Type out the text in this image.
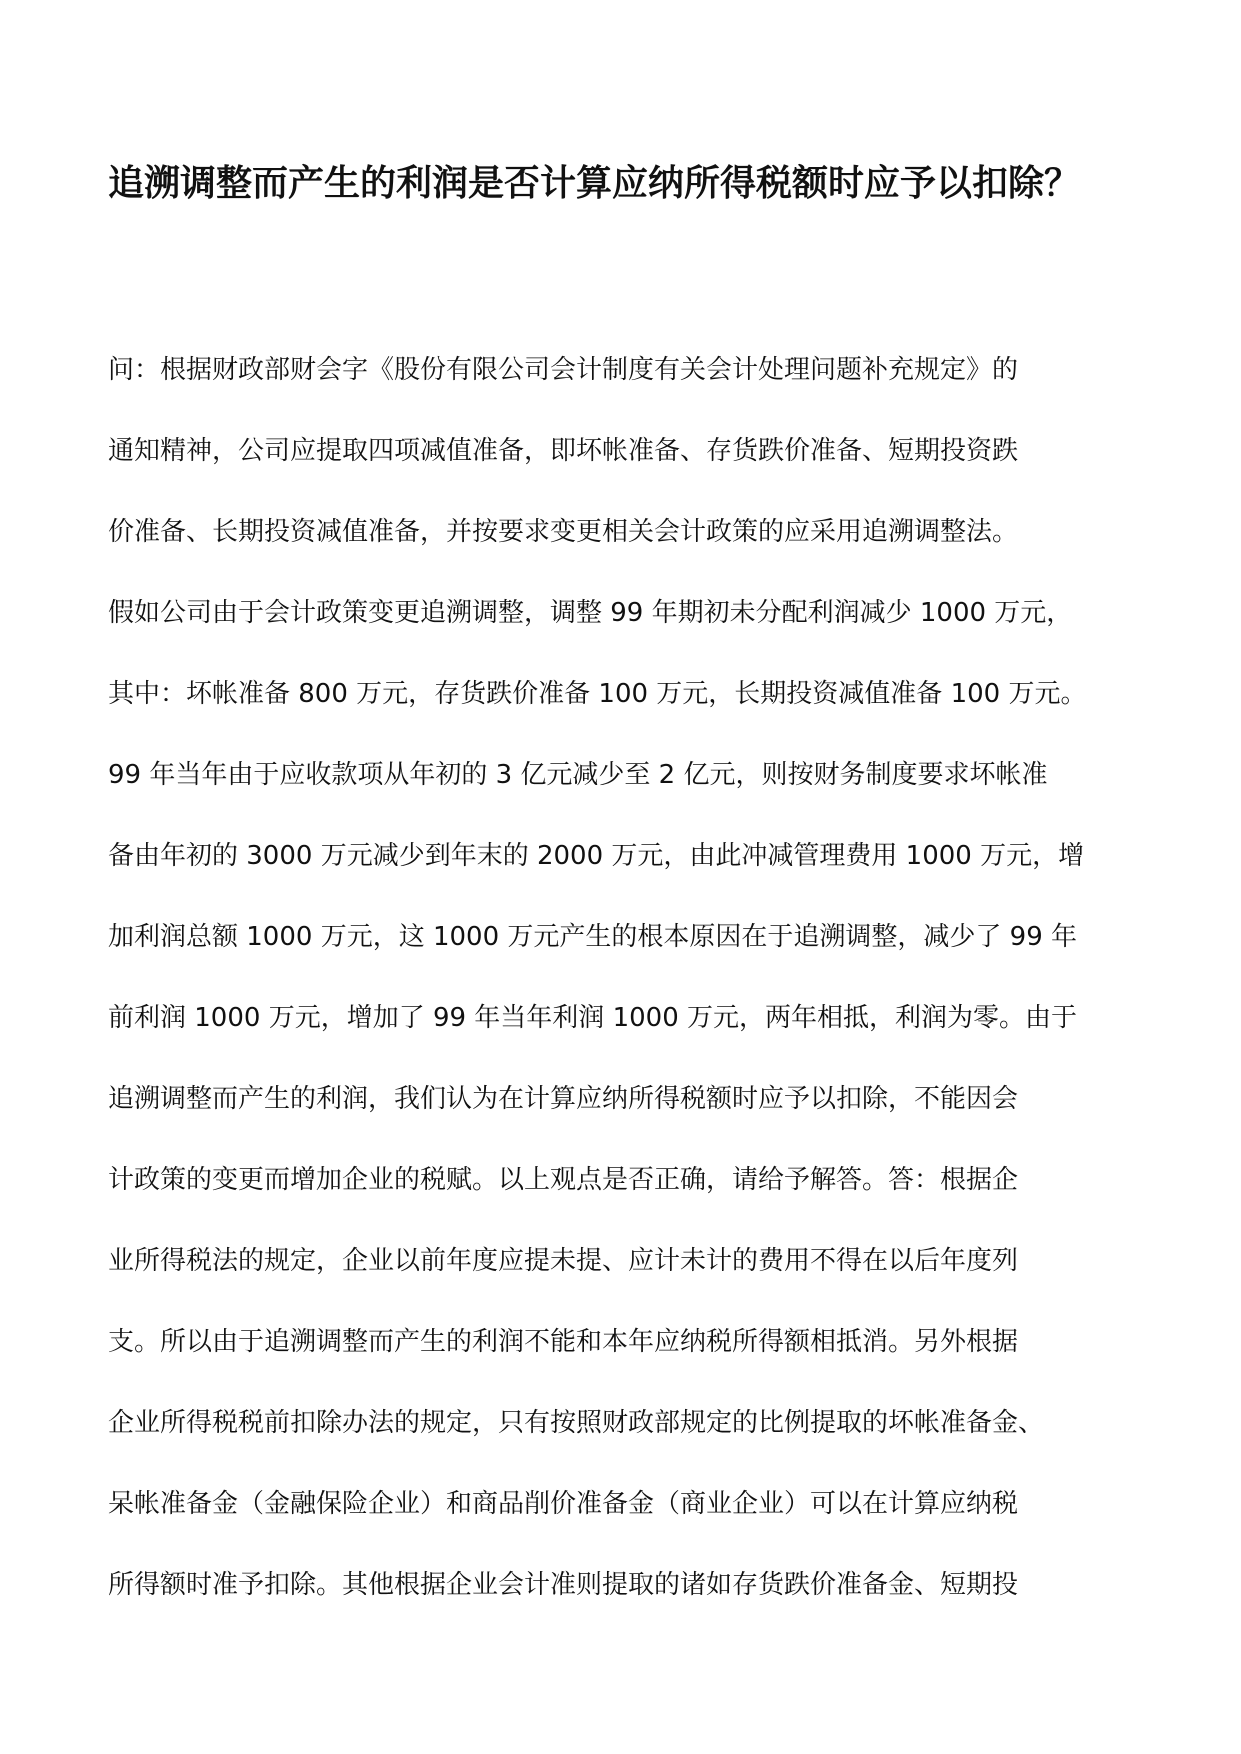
追溯调整而产生的利润是否计算应纳所得税额时应予以扣除？
问：根据财政部财会字《股份有限公司会计制度有关会计处理问题补充规定》的
通知精神，公司应提取四项减值准备，即坏帐准备、存货跌价准备、短期投资跌
价准备、长期投资减值准备，并按要求变更相关会计政策的应采用追溯调整法。
假如公司由于会计政策变更追溯调整，调整 99 年期初未分配利润减少 1000 万元，
其中：坏帐准备 800 万元，存货跌价准备 100 万元，长期投资减值准备 100 万元。
99 年当年由于应收款项从年初的 3 亿元减少至 2 亿元，则按财务制度要求坏帐准
备由年初的 3000 万元减少到年末的 2000 万元，由此冲减管理费用 1000 万元，增
加利润总额 1000 万元，这 1000 万元产生的根本原因在于追溯调整，减少了 99 年
前利润 1000 万元，增加了 99 年当年利润 1000 万元，两年相抵，利润为零。由于
追溯调整而产生的利润，我们认为在计算应纳所得税额时应予以扣除，不能因会
计政策的变更而增加企业的税赋。以上观点是否正确，请给予解答。答：根据企
业所得税法的规定，企业以前年度应提未提、应计未计的费用不得在以后年度列
支。所以由于追溯调整而产生的利润不能和本年应纳税所得额相抵消。另外根据
企业所得税税前扣除办法的规定，只有按照财政部规定的比例提取的坏帐准备金、
呆帐准备金（金融保险企业）和商品削价准备金（商业企业）可以在计算应纳税
所得额时准予扣除。其他根据企业会计准则提取的诸如存货跌价准备金、短期投
